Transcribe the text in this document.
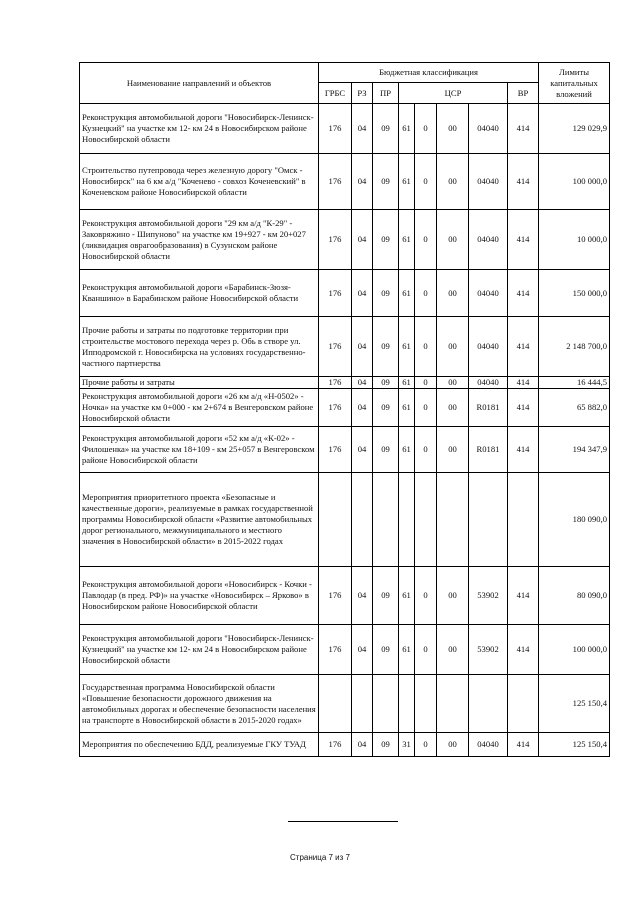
Наименование направлений и объектов	Бюджетная классификация								Лимиты капитальных вложений
	ГРБС	РЗ	ПР	ЦСР				ВР	
Реконструкция автомобильной дороги "Новосибирск-Ленинск-Кузнецкий" на участке км 12- км 24 в Новосибирском районе Новосибирской области	176	04	09	61	0	00	04040	414	129 029,9
Строительство путепровода через железную дорогу "Омск - Новосибирск" на 6 км а/д "Коченево - совхоз Коченевский" в Коченевском районе Новосибирской области	176	04	09	61	0	00	04040	414	100 000,0
Реконструкция автомобильной дороги "29 км а/д "К-29" - Заковряжино - Шипуново" на участке км 19+927 - км 20+027 (ликвидация оврагообразования) в Сузунском районе Новосибирской области	176	04	09	61	0	00	04040	414	10 000,0
Реконструкция автомобильной дороги «Барабинск-Зюзя-Кваншино» в Барабинском районе Новосибирской области	176	04	09	61	0	00	04040	414	150 000,0
Прочие работы и затраты по подготовке территории при строительстве мостового перехода через р. Обь в створе ул. Ипподромской г. Новосибирска на условиях государственно-частного партнерства	176	04	09	61	0	00	04040	414	2 148 700,0
Прочие работы и затраты	176	04	09	61	0	00	04040	414	16 444,5
Реконструкция автомобильной дороги «26 км а/д «Н-0502» - Ночка» на участке км 0+000 - км 2+674 в Венгеровском районе Новосибирской области	176	04	09	61	0	00	R0181	414	65 882,0
Реконструкция автомобильной дороги «52 км а/д «К-02» - Филошенка» на участке км 18+109 - км 25+057 в Венгеровском районе Новосибирской области	176	04	09	61	0	00	R0181	414	194 347,9
Мероприятия приоритетного проекта «Безопасные и качественные дороги», реализуемые в рамках государственной программы Новосибирской области «Развитие автомобильных дорог регионального, межмуниципального и местного значения в Новосибирской области» в 2015-2022 годах									180 090,0
Реконструкция автомобильной дороги «Новосибирск - Кочки - Павлодар (в пред. РФ)» на участке «Новосибирск – Ярково» в Новосибирском районе Новосибирской области	176	04	09	61	0	00	53902	414	80 090,0
Реконструкция автомобильной дороги "Новосибирск-Ленинск-Кузнецкий" на участке км 12- км 24 в Новосибирском районе Новосибирской области	176	04	09	61	0	00	53902	414	100 000,0
Государственная программа Новосибирской области «Повышение безопасности дорожного движения на автомобильных дорогах и обеспечение безопасности населения на транспорте в Новосибирской области в 2015-2020 годах»									125 150,4
Мероприятия по обеспечению БДД, реализуемые ГКУ ТУАД	176	04	09	31	0	00	04040	414	125 150,4
Страница 7 из 7
